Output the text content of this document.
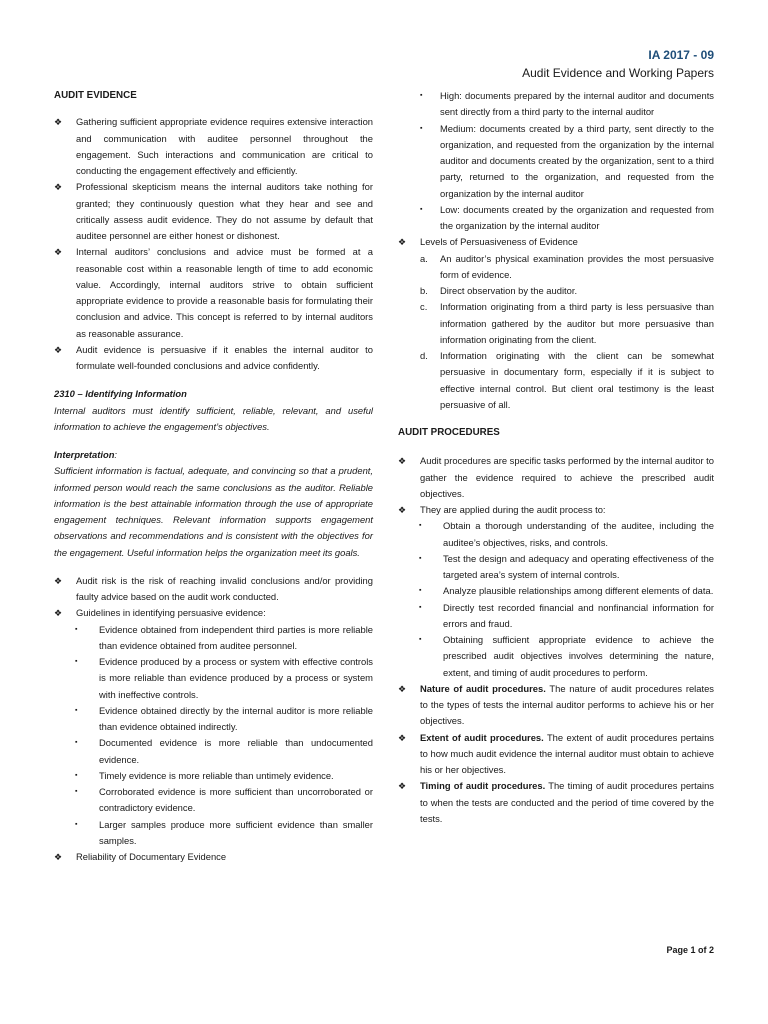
IA 2017 - 09
Audit Evidence and Working Papers
AUDIT EVIDENCE
❖	Gathering sufficient appropriate evidence requires extensive interaction and communication with auditee personnel throughout the engagement. Such interactions and communication are critical to conducting the engagement effectively and efficiently.
❖	Professional skepticism means the internal auditors take nothing for granted; they continuously question what they hear and see and critically assess audit evidence. They do not assume by default that auditee personnel are either honest or dishonest.
❖	Internal auditors’ conclusions and advice must be formed at a reasonable cost within a reasonable length of time to add economic value. Accordingly, internal auditors strive to obtain sufficient appropriate evidence to provide a reasonable basis for formulating their conclusion and advice. This concept is referred to by internal auditors as reasonable assurance.
❖	Audit evidence is persuasive if it enables the internal auditor to formulate well-founded conclusions and advice confidently.
2310 – Identifying Information
Internal auditors must identify sufficient, reliable, relevant, and useful information to achieve the engagement’s objectives.
Interpretation:
Sufficient information is factual, adequate, and convincing so that a prudent, informed person would reach the same conclusions as the auditor. Reliable information is the best attainable information through the use of appropriate engagement techniques. Relevant information supports engagement observations and recommendations and is consistent with the objectives for the engagement. Useful information helps the organization meet its goals.
❖	Audit risk is the risk of reaching invalid conclusions and/or providing faulty advice based on the audit work conducted.
❖	Guidelines in identifying persuasive evidence:
▪	Evidence obtained from independent third parties is more reliable than evidence obtained from auditee personnel.
▪	Evidence produced by a process or system with effective controls is more reliable than evidence produced by a process or system with ineffective controls.
▪	Evidence obtained directly by the internal auditor is more reliable than evidence obtained indirectly.
▪	Documented evidence is more reliable than undocumented evidence.
▪	Timely evidence is more reliable than untimely evidence.
▪	Corroborated evidence is more sufficient than uncorroborated or contradictory evidence.
▪	Larger samples produce more sufficient evidence than smaller samples.
❖	Reliability of Documentary Evidence
▪	High: documents prepared by the internal auditor and documents sent directly from a third party to the internal auditor
▪	Medium: documents created by a third party, sent directly to the organization, and requested from the organization by the internal auditor and documents created by the organization, sent to a third party, returned to the organization, and requested from the organization by the internal auditor
▪	Low: documents created by the organization and requested from the organization by the internal auditor
❖	Levels of Persuasiveness of Evidence
a.	An auditor’s physical examination provides the most persuasive form of evidence.
b.	Direct observation by the auditor.
c.	Information originating from a third party is less persuasive than information gathered by the auditor but more persuasive than information originating from the client.
d.	Information originating with the client can be somewhat persuasive in documentary form, especially if it is subject to effective internal control. But client oral testimony is the least persuasive of all.
AUDIT PROCEDURES
❖	Audit procedures are specific tasks performed by the internal auditor to gather the evidence required to achieve the prescribed audit objectives.
❖	They are applied during the audit process to:
▪	Obtain a thorough understanding of the auditee, including the auditee’s objectives, risks, and controls.
▪	Test the design and adequacy and operating effectiveness of the targeted area’s system of internal controls.
▪	Analyze plausible relationships among different elements of data.
▪	Directly test recorded financial and nonfinancial information for errors and fraud.
▪	Obtaining sufficient appropriate evidence to achieve the prescribed audit objectives involves determining the nature, extent, and timing of audit procedures to perform.
❖	Nature of audit procedures. The nature of audit procedures relates to the types of tests the internal auditor performs to achieve his or her objectives.
❖	Extent of audit procedures. The extent of audit procedures pertains to how much audit evidence the internal auditor must obtain to achieve his or her objectives.
❖	Timing of audit procedures. The timing of audit procedures pertains to when the tests are conducted and the period of time covered by the tests.
Page 1 of 2
